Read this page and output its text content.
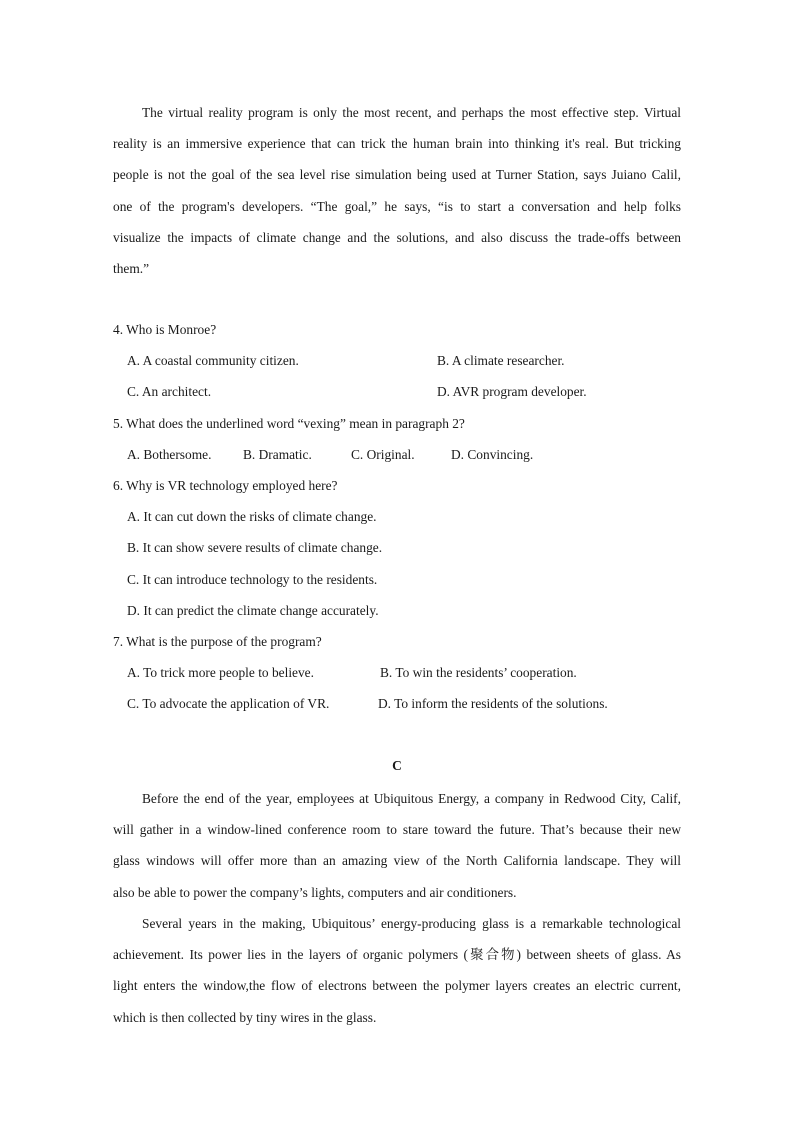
The virtual reality program is only the most recent, and perhaps the most effective step. Virtual
reality is an immersive experience that can trick the human brain into thinking it's real. But tricking
people is not the goal of the sea level rise simulation being used at Turner Station, says Juiano Calil,
one of the program's developers. “The goal,” he says, “is to start a conversation and help folks
visualize the impacts of climate change and the solutions, and also discuss the trade-offs between
them.”
4. Who is Monroe?
A. A coastal community citizen.	B. A climate researcher.
C. An architect.	D. AVR program developer.
5. What does the underlined word “vexing” mean in paragraph 2?
A. Bothersome. B. Dramatic.	C. Original.	D. Convincing.
6. Why is VR technology employed here?
A. It can cut down the risks of climate change.
B. It can show severe results of climate change.
C. It can introduce technology to the residents.
D. It can predict the climate change accurately.
7. What is the purpose of the program?
A. To trick more people to believe.	B. To win the residents’ cooperation.
C. To advocate the application of VR.	D. To inform the residents of the solutions.
C
Before the end of the year, employees at Ubiquitous Energy, a company in Redwood City, Calif,
will gather in a window-lined conference room to stare toward the future. That’s because their new
glass windows will offer more than an amazing view of the North California landscape. They will
also be able to power the company’s lights, computers and air conditioners.
Several years in the making, Ubiquitous’ energy-producing glass is a remarkable technological
achievement. Its power lies in the layers of organic polymers (聚合物) between sheets of glass. As
light enters the window,the flow of electrons between the polymer layers creates an electric current,
which is then collected by tiny wires in the glass.
